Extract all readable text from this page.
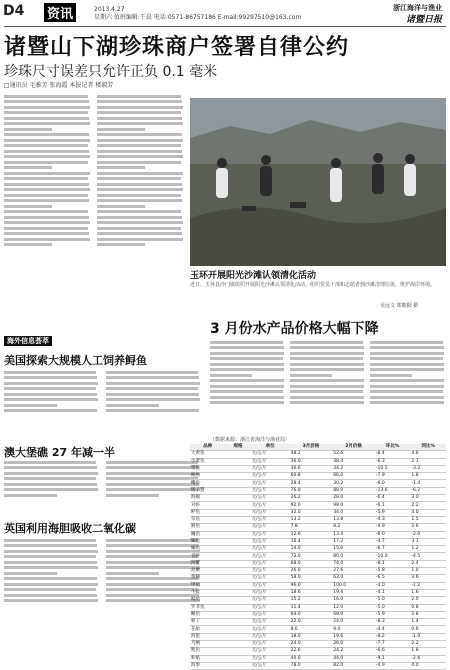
D4 资讯	2013.4.27
星期六 值班编辑:王晨 电话:0571-86757186 E-mail:99297510@163.com
浙江海洋与渔业
诸暨日报
诸暨山下湖珍珠商户签署自律公约
珍珠尺寸误差只允许正负 0.1 毫米
□通讯员 毛雅芳 张海霞 本报记者 楼淑芳
玉环开展阳光沙滩认领清化活动
近日，玉环县沙门镇组织开展阳光沙滩认领清化活动，组织党员干部和志愿者到沙滩清理垃圾，维护海岸环境。
吴远文 郑朝阳 摄
海外信息荟萃
美国探索大规模人工饲养鲟鱼
澳大堡礁 27 年减一半
英国利用海胆吸收二氧化碳
3 月份水产品价格大幅下降
（数据来源：浙江省海洋与渔业局）
品种	规格	单位	3月价格	2月价格	环比%	同比%
大黄鱼		元/公斤	48.2	52.6	-8.4	4.6
小黄鱼		元/公斤	36.0	38.4	-6.3	2.1
带鱼		元/公斤	30.6	34.2	-10.5	-3.2
鲳鱼		元/公斤	60.8	66.0	-7.9	1.8
鳓鱼		元/公斤	28.4	30.2	-6.0	-1.4
梭子蟹		元/公斤	76.0	88.0	-13.6	-6.2
海鳗		元/公斤	26.2	28.0	-6.4	3.0
对虾		元/公斤	92.0	98.0	-6.1	2.2
鲈鱼		元/公斤	32.0	34.0	-5.9	4.0
草鱼		元/公斤	13.2	13.8	-4.3	1.5
鲢鱼		元/公斤	7.8	8.2	-4.9	2.6
鳙鱼		元/公斤	12.6	13.4	-6.0	-2.0
鲫鱼		元/公斤	16.4	17.2	-4.7	3.1
鳊鱼		元/公斤	14.0	15.0	-6.7	1.2
青虾		元/公斤	72.0	80.0	-10.0	-4.5
河蟹		元/公斤	68.0	74.0	-8.1	2.4
泥鳅		元/公斤	26.0	27.6	-5.8	1.0
黄鳝		元/公斤	58.0	62.0	-6.5	3.6
甲鱼		元/公斤	96.0	100.0	-4.0	-2.2
牛蛙		元/公斤	18.6	19.4	-4.1	1.6
鲶鱼		元/公斤	15.2	16.0	-5.0	2.0
罗非鱼		元/公斤	11.4	12.0	-5.0	0.8
鳜鱼		元/公斤	64.0	68.0	-5.9	2.8
蛏子		元/公斤	22.0	24.0	-8.3	1.4
花蛤		元/公斤	8.6	9.0	-4.4	0.6
海蜇		元/公斤	18.0	19.6	-8.2	-1.0
乌贼		元/公斤	24.0	26.0	-7.7	2.2
鱿鱼		元/公斤	22.6	24.2	-6.6	1.8
虾蛄		元/公斤	40.0	44.0	-9.1	-2.6
海参		元/公斤	78.0	82.0	-4.9	0.0
